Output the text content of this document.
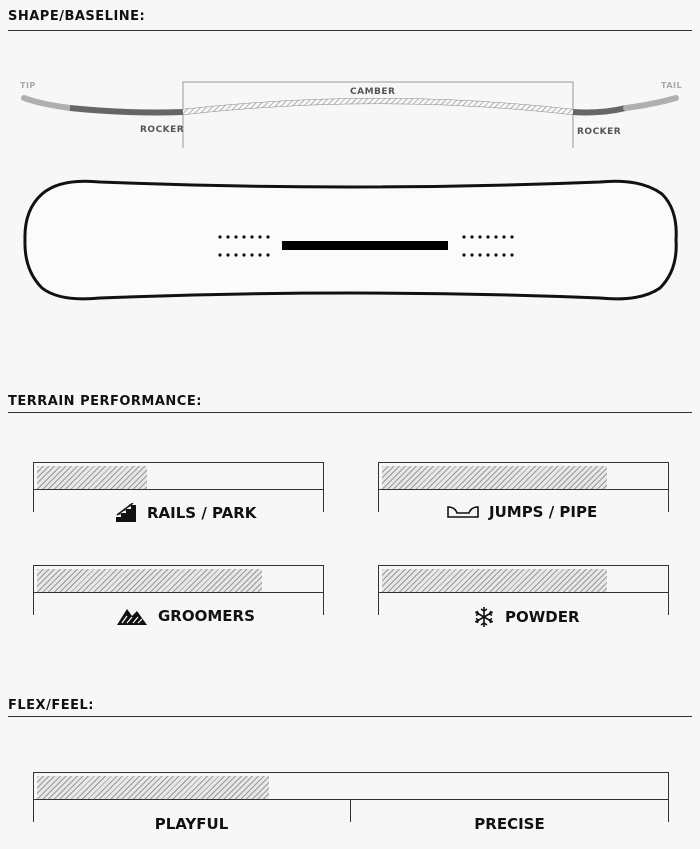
SHAPE/BASELINE:
TIP	TAIL
CAMBER
ROCKER	ROCKER
TERRAIN PERFORMANCE:
RAILS / PARK	JUMPS / PIPE
GROOMERS	POWDER
FLEX/FEEL:
PLAYFUL	PRECISE
